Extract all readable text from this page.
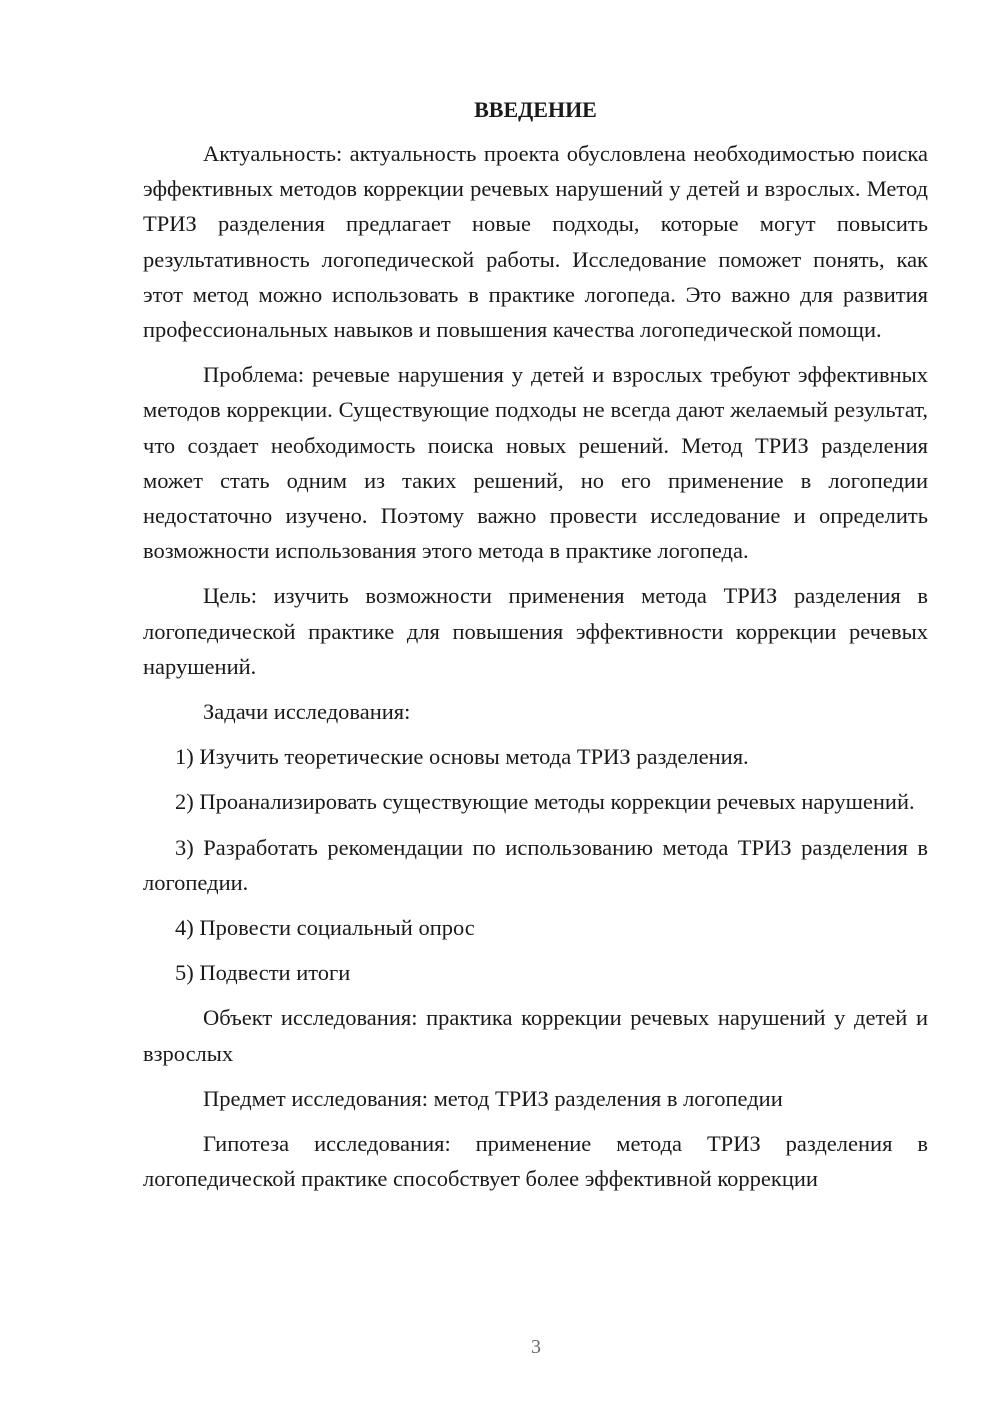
ВВЕДЕНИЕ

Актуальность: актуальность проекта обусловлена необходимостью поиска эффективных методов коррекции речевых нарушений у детей и взрослых. Метод ТРИЗ разделения предлагает новые подходы, которые могут повысить результативность логопедической работы. Исследование поможет понять, как этот метод можно использовать в практике логопеда. Это важно для развития профессиональных навыков и повышения качества логопедической помощи.

Проблема: речевые нарушения у детей и взрослых требуют эффективных методов коррекции. Существующие подходы не всегда дают желаемый результат, что создает необходимость поиска новых решений. Метод ТРИЗ разделения может стать одним из таких решений, но его применение в логопедии недостаточно изучено. Поэтому важно провести исследование и определить возможности использования этого метода в практике логопеда.

Цель: изучить возможности применения метода ТРИЗ разделения в логопедической практике для повышения эффективности коррекции речевых нарушений.

Задачи исследования:

1) Изучить теоретические основы метода ТРИЗ разделения.

2) Проанализировать существующие методы коррекции речевых нарушений.

3) Разработать рекомендации по использованию метода ТРИЗ разделения в логопедии.

4) Провести социальный опрос

5) Подвести итоги

Объект исследования: практика коррекции речевых нарушений у детей и взрослых

Предмет исследования: метод ТРИЗ разделения в логопедии

Гипотеза исследования: применение метода ТРИЗ разделения в логопедической практике способствует более эффективной коррекции

3
